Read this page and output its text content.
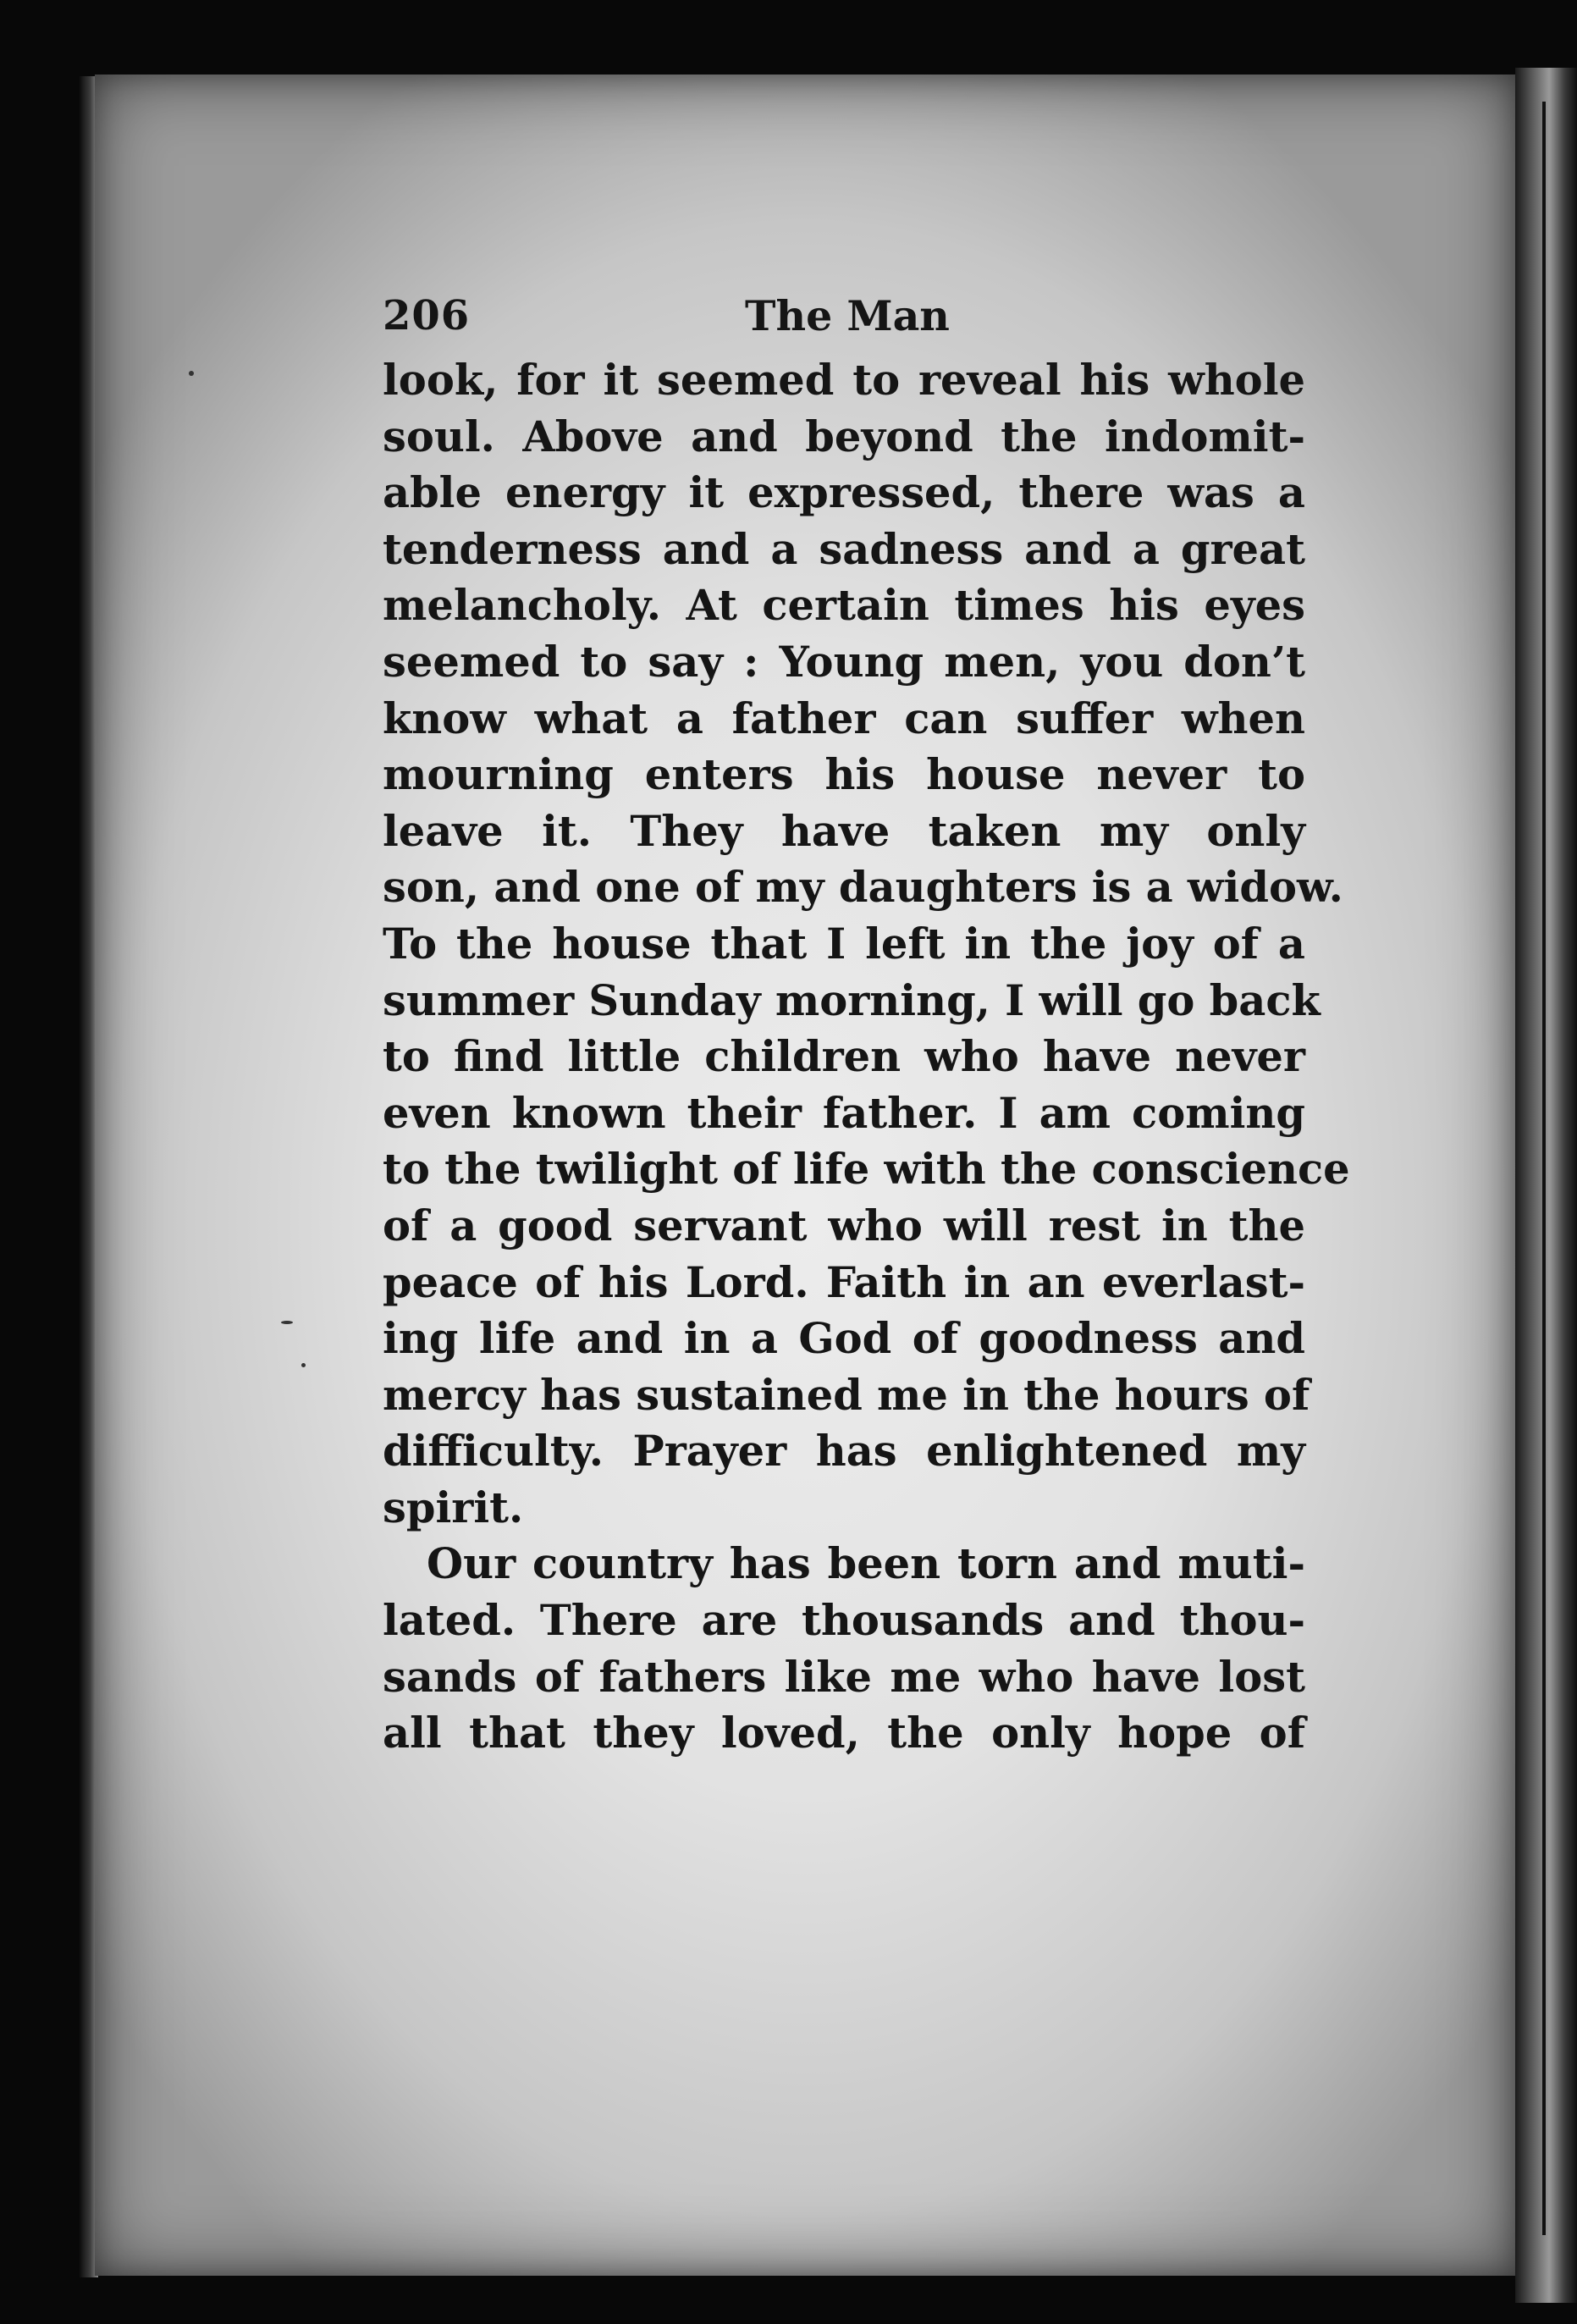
206	The Man
look, for it seemed to reveal his whole
soul. Above and beyond the indomit-
able energy it expressed, there was a
tenderness and a sadness and a great
melancholy. At certain times his eyes
seemed to say : Young men, you don’t
know what a father can suffer when
mourning enters his house never to
leave it. They have taken my only
son, and one of my daughters is a widow.
To the house that I left in the joy of a
summer Sunday morning, I will go back
to find little children who have never
even known their father. I am coming
to the twilight of life with the conscience
of a good servant who will rest in the
peace of his Lord. Faith in an everlast-
ing life and in a God of goodness and
mercy has sustained me in the hours of
difficulty. Prayer has enlightened my
spirit.
Our country has been torn and muti-
lated. There are thousands and thou-
sands of fathers like me who have lost
all that they loved, the only hope of
